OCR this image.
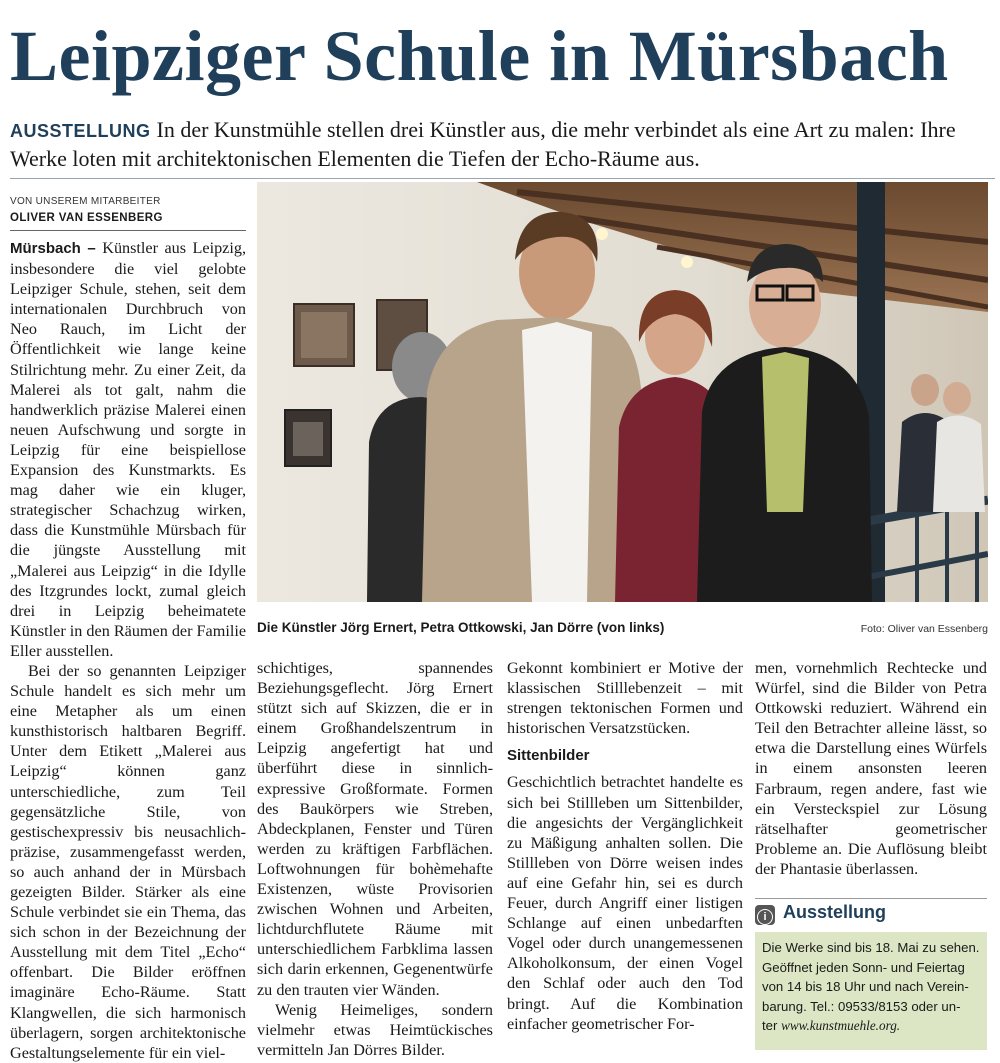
Leipziger Schule in Mürsbach

AUSSTELLUNG In der Kunstmühle stellen drei Künstler aus, die mehr verbindet als eine Art zu malen: Ihre Werke loten mit architektonischen Elementen die Tiefen der Echo-Räume aus.

VON UNSEREM MITARBEITER
OLIVER VAN ESSENBERG

Mürsbach – Künstler aus Leipzig, insbesondere die viel gelobte Leipziger Schule, stehen, seit dem internationalen Durchbruch von Neo Rauch, im Licht der Öffentlichkeit wie lange keine Stilrichtung mehr. Zu einer Zeit, da Malerei als tot galt, nahm die handwerklich präzise Malerei einen neuen Aufschwung und sorgte in Leipzig für eine beispiellose Expansion des Kunstmarkts. Es mag daher wie ein kluger, strategischer Schachzug wirken, dass die Kunstmühle Mürsbach für die jüngste Ausstellung mit „Malerei aus Leipzig“ in die Idylle des Itzgrundes lockt, zumal gleich drei in Leipzig beheimatete Künstler in den Räumen der Familie Eller ausstellen.

Bei der so genannten Leipziger Schule handelt es sich mehr um eine Metapher als um einen kunsthistorisch haltbaren Begriff. Unter dem Etikett „Malerei aus Leipzig“ können ganz unterschiedliche, zum Teil gegensätzliche Stile, von gestischexpressiv bis neusachlich-präzise, zusammengefasst werden, so auch anhand der in Mürsbach gezeigten Bilder. Stärker als eine Schule verbindet sie ein Thema, das sich schon in der Bezeichnung der Ausstellung mit dem Titel „Echo“ offenbart. Die Bilder eröffnen imaginäre Echo-Räume. Statt Klangwellen, die sich harmonisch überlagern, sorgen architektonische Gestaltungselemente für ein viel-

Die Künstler Jörg Ernert, Petra Ottkowski, Jan Dörre (von links)	Foto: Oliver van Essenberg

schichtiges, spannendes Beziehungsgeflecht. Jörg Ernert stützt sich auf Skizzen, die er in einem Großhandelszentrum in Leipzig angefertigt hat und überführt diese in sinnlich-expressive Großformate. Formen des Baukörpers wie Streben, Abdeckplanen, Fenster und Türen werden zu kräftigen Farbflächen. Loftwohnungen für bohèmehafte Existenzen, wüste Provisorien zwischen Wohnen und Arbeiten, lichtdurchflutete Räume mit unterschiedlichem Farbklima lassen sich darin erkennen, Gegenentwürfe zu den trauten vier Wänden.

Wenig Heimeliges, sondern vielmehr etwas Heimtückisches vermitteln Jan Dörres Bilder.

Gekonnt kombiniert er Motive der klassischen Stilllebenzeit – mit strengen tektonischen Formen und historischen Versatzstücken.

Sittenbilder

Geschichtlich betrachtet handelte es sich bei Stillleben um Sittenbilder, die angesichts der Vergänglichkeit zu Mäßigung anhalten sollen. Die Stillleben von Dörre weisen indes auf eine Gefahr hin, sei es durch Feuer, durch Angriff einer listigen Schlange auf einen unbedarften Vogel oder durch unangemessenen Alkoholkonsum, der einen Vogel den Schlaf oder auch den Tod bringt. Auf die Kombination einfacher geometrischer For-

men, vornehmlich Rechtecke und Würfel, sind die Bilder von Petra Ottkowski reduziert. Während ein Teil den Betrachter alleine lässt, so etwa die Darstellung eines Würfels in einem ansonsten leeren Farbraum, regen andere, fast wie ein Versteckspiel zur Lösung rätselhafter geometrischer Probleme an. Die Auflösung bleibt der Phantasie überlassen.

i Ausstellung
Die Werke sind bis 18. Mai zu sehen.
Geöffnet jeden Sonn- und Feiertag
von 14 bis 18 Uhr und nach Verein-
barung. Tel.: 09533/8153 oder un-
ter www.kunstmuehle.org.
